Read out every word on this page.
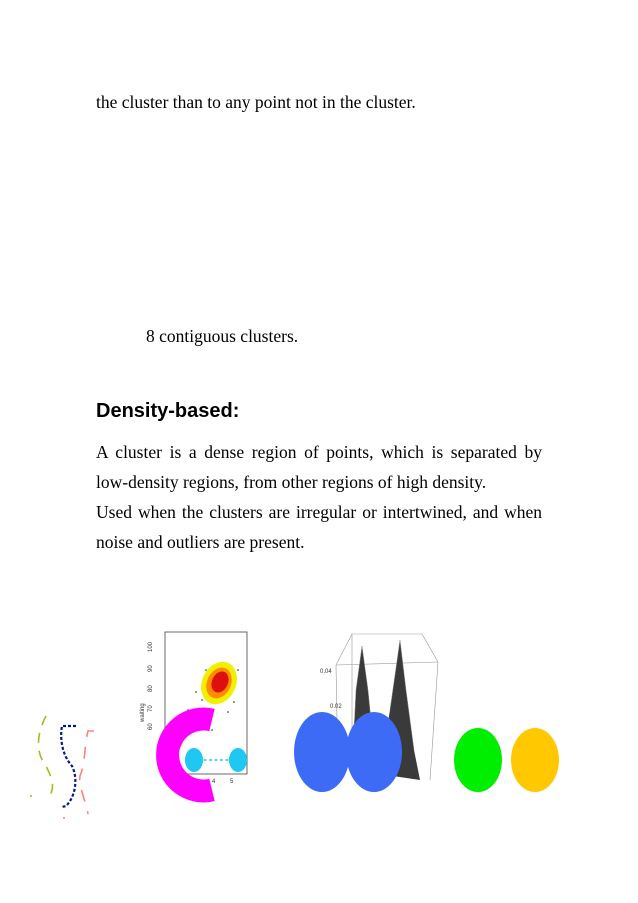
the cluster than to any point not in the cluster.
8 contiguous clusters.
Density-based:

A cluster is a dense region of points, which is separated by low-density regions, from other regions of high density.

Used when the clusters are irregular or intertwined, and when noise and outliers are present.

waiting
100
90
80
70
60
2	3	4 5
0.04
0.02
5
